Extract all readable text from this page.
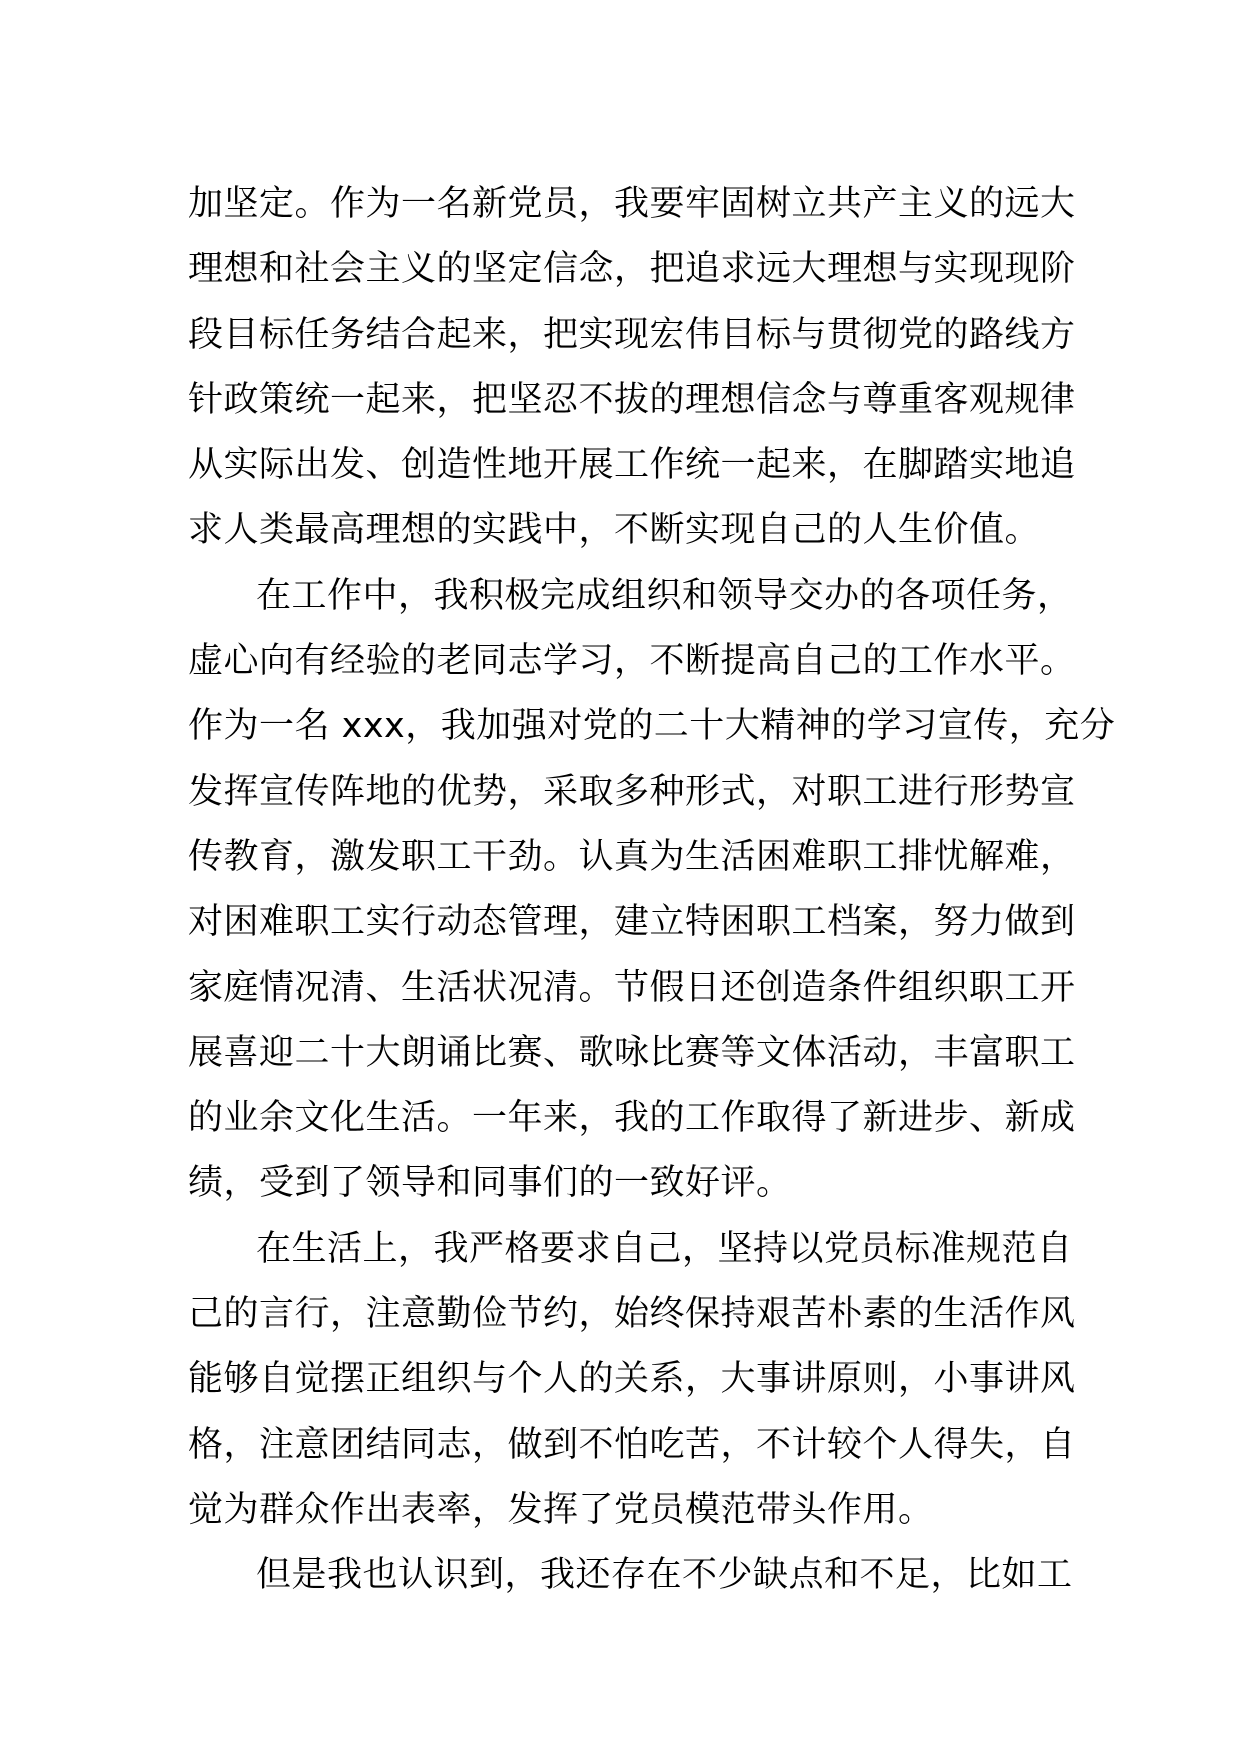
加坚定。作为一名新党员，我要牢固树立共产主义的远大
理想和社会主义的坚定信念，把追求远大理想与实现现阶
段目标任务结合起来，把实现宏伟目标与贯彻党的路线方
针政策统一起来，把坚忍不拔的理想信念与尊重客观规律
从实际出发、创造性地开展工作统一起来，在脚踏实地追
求人类最高理想的实践中，不断实现自己的人生价值。
在工作中，我积极完成组织和领导交办的各项任务，
虚心向有经验的老同志学习，不断提高自己的工作水平。
作为一名 xxx，我加强对党的二十大精神的学习宣传，充分
发挥宣传阵地的优势，采取多种形式，对职工进行形势宣
传教育，激发职工干劲。认真为生活困难职工排忧解难，
对困难职工实行动态管理，建立特困职工档案，努力做到
家庭情况清、生活状况清。节假日还创造条件组织职工开
展喜迎二十大朗诵比赛、歌咏比赛等文体活动，丰富职工
的业余文化生活。一年来，我的工作取得了新进步、新成
绩，受到了领导和同事们的一致好评。
在生活上，我严格要求自己，坚持以党员标准规范自
己的言行，注意勤俭节约，始终保持艰苦朴素的生活作风
能够自觉摆正组织与个人的关系，大事讲原则，小事讲风
格，注意团结同志，做到不怕吃苦，不计较个人得失，自
觉为群众作出表率，发挥了党员模范带头作用。
但是我也认识到，我还存在不少缺点和不足，比如工
